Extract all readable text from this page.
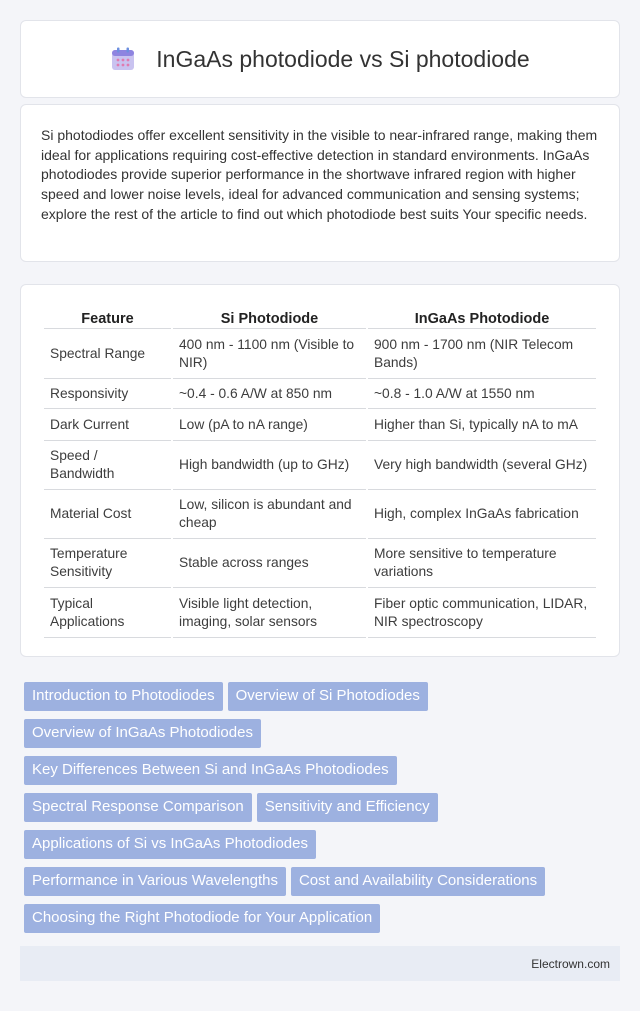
InGaAs photodiode vs Si photodiode

Si photodiodes offer excellent sensitivity in the visible to near-infrared range, making them ideal for applications requiring cost-effective detection in standard environments. InGaAs photodiodes provide superior performance in the shortwave infrared region with higher speed and lower noise levels, ideal for advanced communication and sensing systems; explore the rest of the article to find out which photodiode best suits Your specific needs.

Feature	Si Photodiode	InGaAs Photodiode
Spectral Range	400 nm - 1100 nm (Visible to NIR)	900 nm - 1700 nm (NIR Telecom Bands)
Responsivity	~0.4 - 0.6 A/W at 850 nm	~0.8 - 1.0 A/W at 1550 nm
Dark Current	Low (pA to nA range)	Higher than Si, typically nA to mA
Speed / Bandwidth	High bandwidth (up to GHz)	Very high bandwidth (several GHz)
Material Cost	Low, silicon is abundant and cheap	High, complex InGaAs fabrication
Temperature Sensitivity	Stable across ranges	More sensitive to temperature variations
Typical Applications	Visible light detection, imaging, solar sensors	Fiber optic communication, LIDAR, NIR spectroscopy
Introduction to Photodiodes Overview of Si Photodiodes
Overview of InGaAs Photodiodes
Key Differences Between Si and InGaAs Photodiodes
Spectral Response Comparison Sensitivity and Efficiency
Applications of Si vs InGaAs Photodiodes
Performance in Various Wavelengths Cost and Availability Considerations
Choosing the Right Photodiode for Your Application
Electrown.com
